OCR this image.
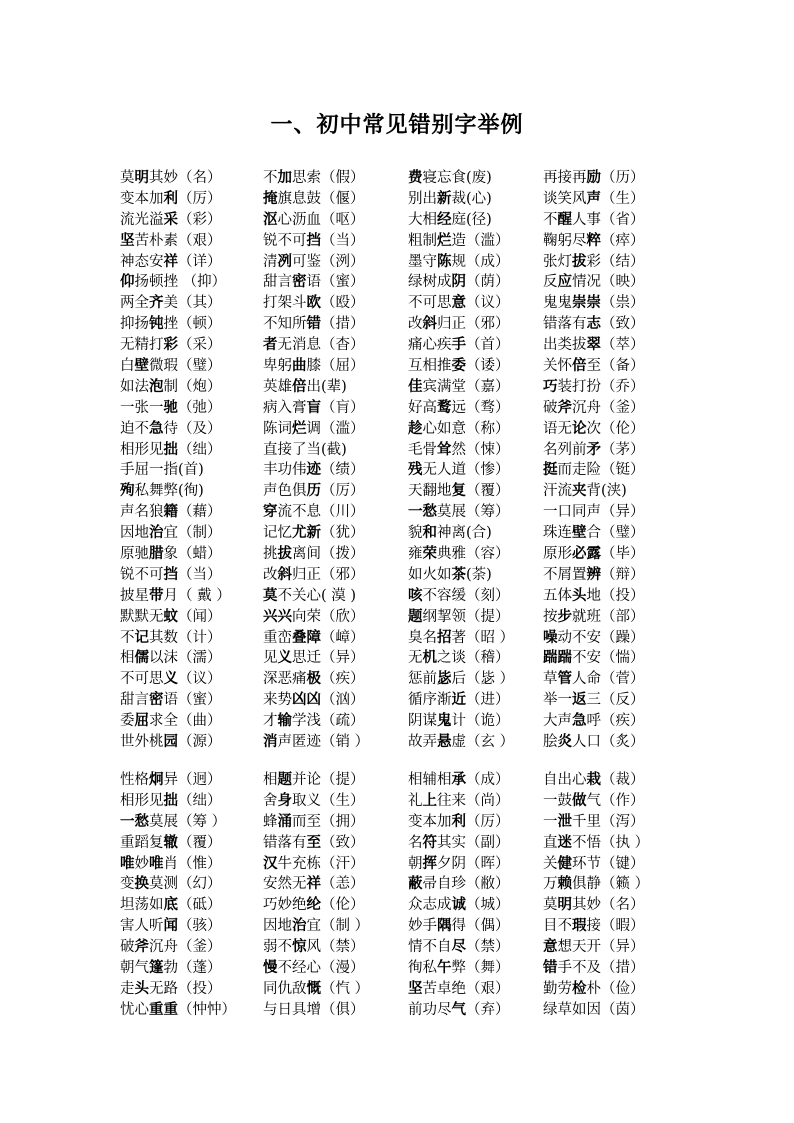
一、初中常见错别字举例
莫明其妙（名）	不加思索（假）	费寝忘食(废)	再接再励（历）
变本加利（厉）	掩旗息鼓（偃）	别出新裁(心)	谈笑风声（生）
流光溢采（彩）	沤心沥血（呕）	大相经庭(径)	不醒人事（省）
坚苦朴素（艰）	锐不可挡（当）	粗制烂造（滥） 鞠躬尽粹（瘁）
神态安祥（详）	清冽可鉴（洌）	墨守陈规（成） 张灯拔彩（结）
仰扬顿挫 （抑）	甜言密语（蜜）	绿树成阴（荫） 反应情况（映）
两全齐美（其）	打架斗欧（殴）	不可思意（议） 鬼鬼崇崇（祟）
抑扬钝挫（顿）	不知所错（措）	改斜归正（邪） 错落有志（致）
无精打彩（采）	者无消息（杳）	痛心疾手（首） 出类拔翠（萃）
白壁微瑕（璧）	卑躬曲膝（屈）	互相推委（诿） 关怀倍至（备）
如法泡制（炮）	英雄倍出(辈)	佳宾满堂（嘉） 巧装打扮（乔）
一张一驰（弛）	病入膏盲（肓）	好高鹜远（骛） 破斧沉舟（釜）
迫不急待（及）	陈词烂调（滥）	趁心如意（称） 语无论次（伦）
相形见拙（绌）	直接了当(截)	毛骨耸然（悚） 名列前矛（茅）
手屈一指(首)	丰功伟迹（绩）	残无人道（惨） 挺而走险（铤）
殉私舞弊(徇)	声色俱历（厉）	天翻地复（覆） 汗流夹背(浃)
声名狼籍（藉）	穿流不息（川）	一愁莫展（筹） 一口同声（异）
因地治宜（制）	记忆尤新（犹）	貌和神离(合)	珠连壁合（璧）
原驰腊象（蜡）	挑拔离间（拨）	雍荣典雅（容） 原形必露（毕）
锐不可挡（当）	改斜归正（邪）	如火如茶(荼)	不屑置辨（辩）
披星带月（ 戴 ） 莫不关心( 漠 )	咳不容缓（刻） 五体头地（投）
默默无蚊（闻）	兴兴向荣（欣）	题纲挈领（提） 按步就班（部）
不记其数（计）	重峦叠障（嶂）	臭名招著（昭 ） 噪动不安（躁）
相儒以沫（濡）	见义思迁（异）	无机之谈（稽） 踹踹不安（惴）
不可思义（议）	深恶痛极（疾）	惩前毖后（毖 ） 草管人命（菅）
甜言密语（蜜）	来势凶凶（汹）	循序渐近（进） 举一返三（反）
委屈求全（曲）	才输学浅（疏）	阴谋鬼计（诡） 大声急呼（疾）
世外桃园（源）	消声匿迹（销 ）	故弄悬虚（玄 ） 脍炎人口（炙）
性格炯异（迥）	相题并论（提）	相辅相承（成） 自出心栽（裁）
相形见拙（绌）	舍身取义（生）	礼上往来（尚） 一鼓做气（作）
一愁莫展（筹 ）	蜂涌而至（拥）	变本加利（厉） 一泄千里（泻）
重蹈复辙（覆）	错落有至（致）	名符其实（副） 直迷不悟（执 ）
唯妙唯肖（惟）	汉牛充栋（汗）	朝挥夕阴（晖） 关健环节（键）
变换莫测（幻）	安然无祥（恙）	蔽帚自珍（敝） 万赖俱静（籁 ）
坦荡如底（砥）	巧妙绝纶（伦）	众志成诚（城） 莫明其妙（名）
害人听闻（骇）	因地治宜（制 ）	妙手隅得（偶） 目不瑕接（暇）
破斧沉舟（釜）	弱不惊风（禁）	情不自尽（禁） 意想天开（异）
朝气篷勃（蓬）	慢不经心（漫）	徇私午弊（舞） 错手不及（措）
走头无路（投）	同仇敌慨（忾 ）	坚苦卓绝（艰） 勤劳检朴（俭）
忧心重重（忡忡） 与日具增（俱）	前功尽气（弃） 绿草如因（茵）
